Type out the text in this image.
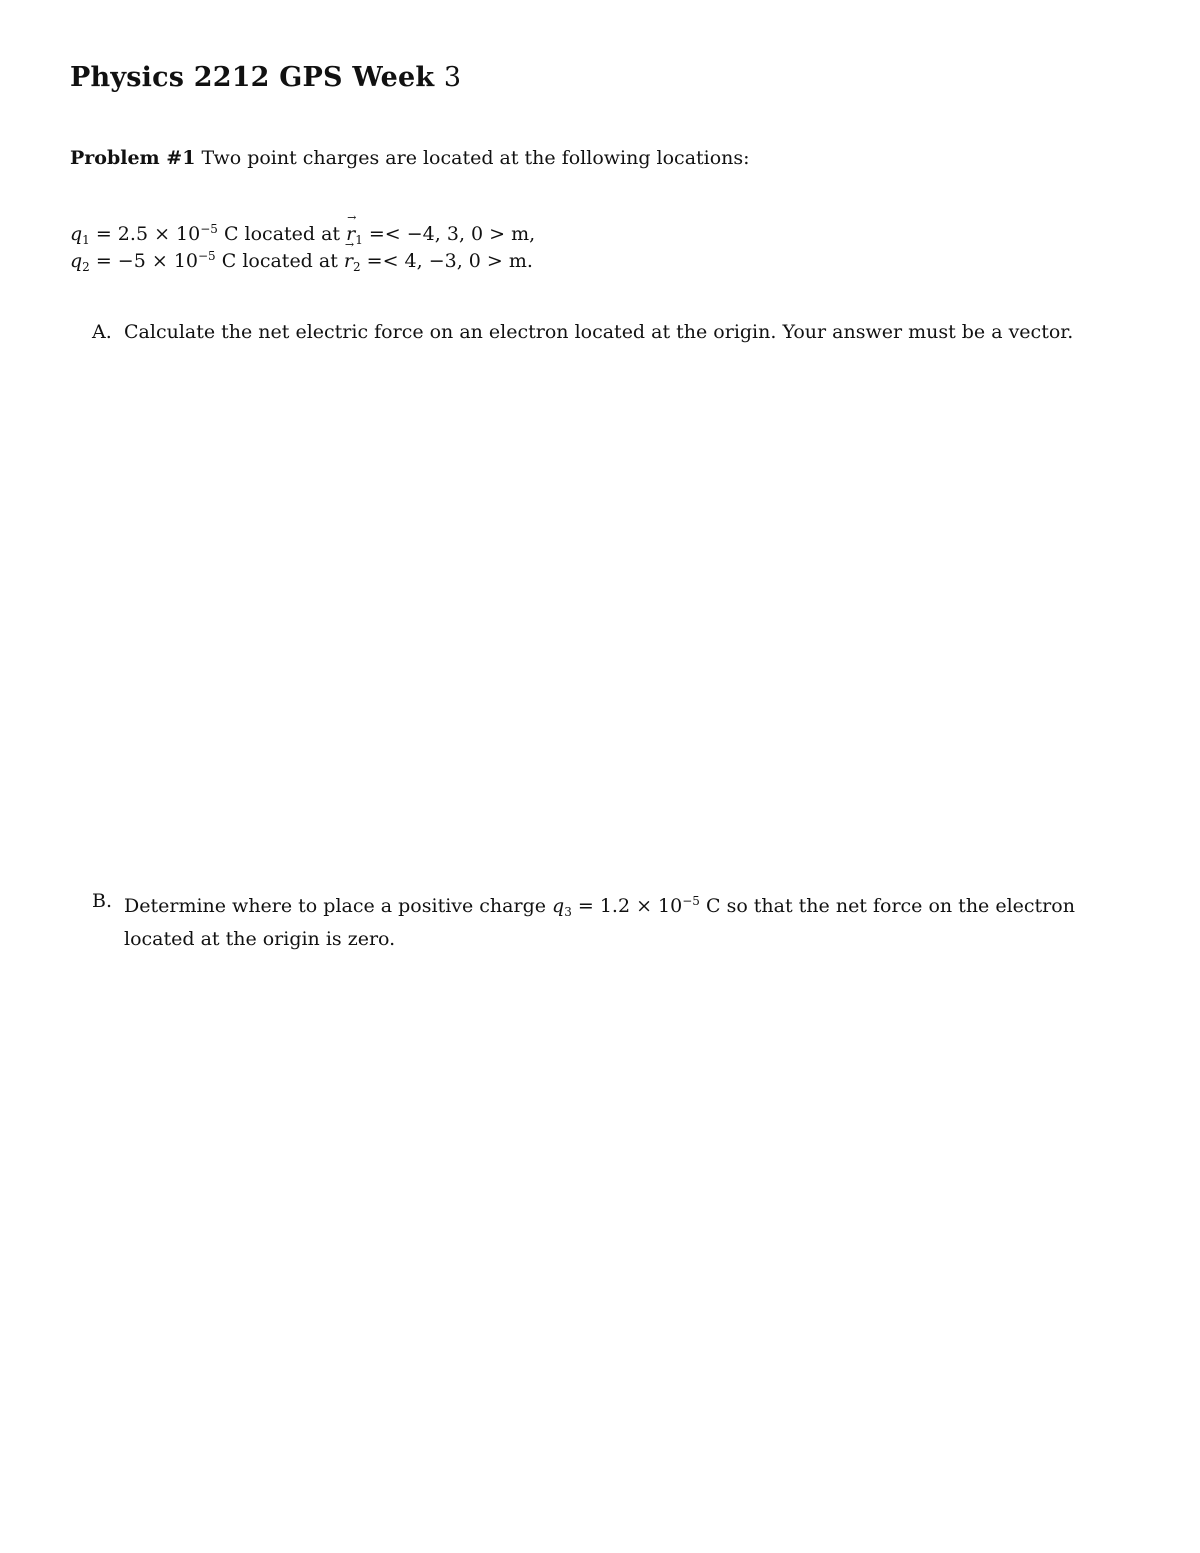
Physics 2212 GPS Week 3
Problem #1 Two point charges are located at the following locations:
$q_1 = 2.5 \times 10^{-5}$ C located at → $r_1 =< -4$, 3, 0 > m,
$q_2 = -5 \times 10^{-5}$ C located at → $r_2 =< 4$, −3, 0 > m.
A. Calculate the net electric force on an electron located at the origin. Your answer must be a vector.
B. Determine where to place a positive charge $q_3 = 1.2 \times 10^{-5}$ C so that the net force on the electron located at the origin is zero.
